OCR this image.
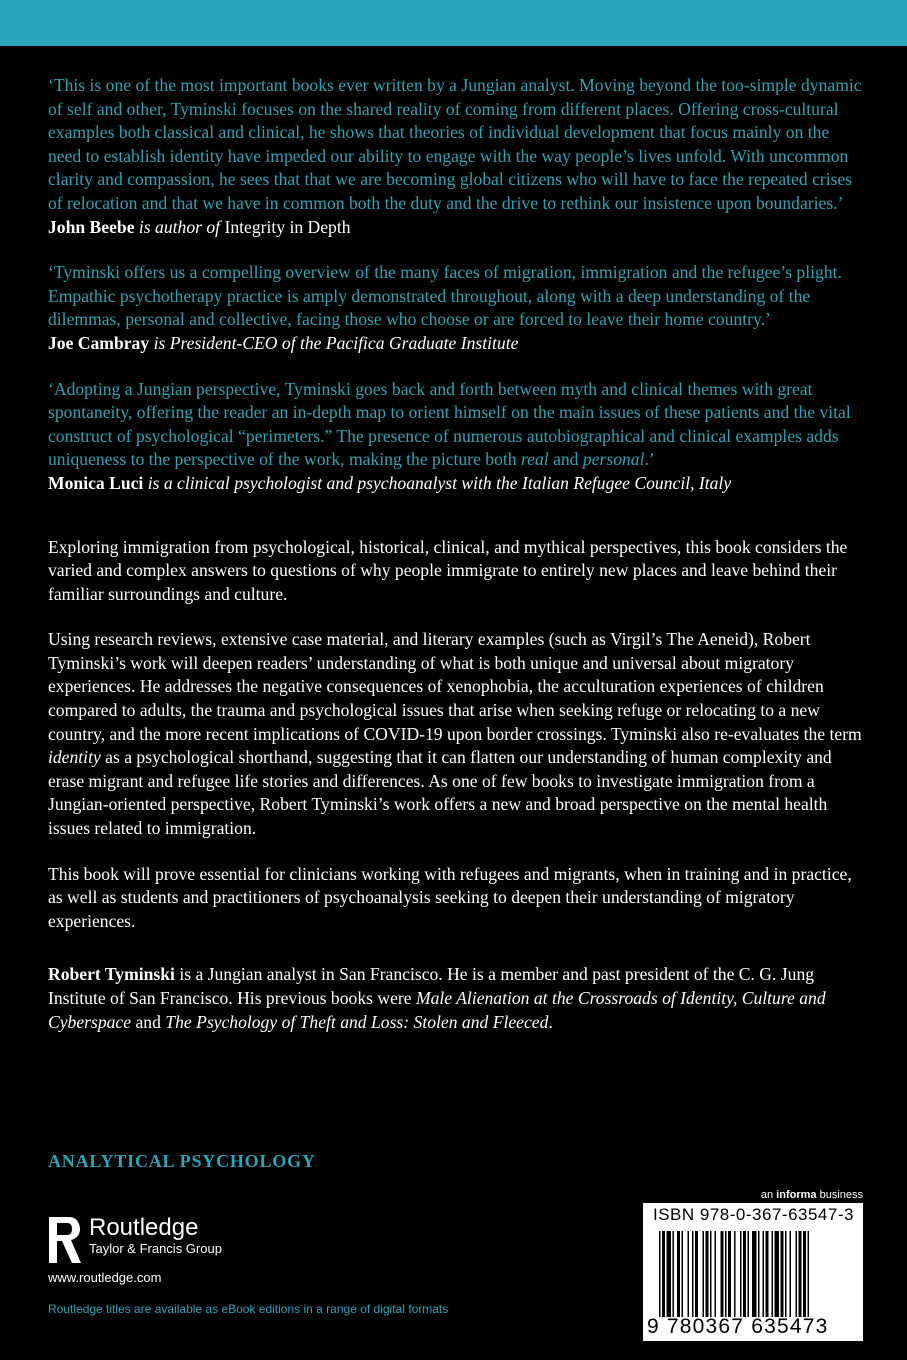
‘This is one of the most important books ever written by a Jungian analyst. Moving beyond the too-simple dynamic of self and other, Tyminski focuses on the shared reality of coming from different places. Offering cross-cultural examples both classical and clinical, he shows that theories of individual development that focus mainly on the need to establish identity have impeded our ability to engage with the way people’s lives unfold. With uncommon clarity and compassion, he sees that that we are becoming global citizens who will have to face the repeated crises of relocation and that we have in common both the duty and the drive to rethink our insistence upon boundaries.’

John Beebe is author of Integrity in Depth

‘Tyminski offers us a compelling overview of the many faces of migration, immigration and the refugee’s plight. Empathic psychotherapy practice is amply demonstrated throughout, along with a deep understanding of the dilemmas, personal and collective, facing those who choose or are forced to leave their home country.’

Joe Cambray is President-CEO of the Pacifica Graduate Institute

‘Adopting a Jungian perspective, Tyminski goes back and forth between myth and clinical themes with great spontaneity, offering the reader an in-depth map to orient himself on the main issues of these patients and the vital construct of psychological “perimeters.” The presence of numerous autobiographical and clinical examples adds uniqueness to the perspective of the work, making the picture both real and personal.’

Monica Luci is a clinical psychologist and psychoanalyst with the Italian Refugee Council, Italy

Exploring immigration from psychological, historical, clinical, and mythical perspectives, this book considers the varied and complex answers to questions of why people immigrate to entirely new places and leave behind their familiar surroundings and culture.

Using research reviews, extensive case material, and literary examples (such as Virgil’s The Aeneid), Robert Tyminski’s work will deepen readers’ understanding of what is both unique and universal about migratory experiences. He addresses the negative consequences of xenophobia, the acculturation experiences of children compared to adults, the trauma and psychological issues that arise when seeking refuge or relocating to a new country, and the more recent implications of COVID-19 upon border crossings. Tyminski also re-evaluates the term identity as a psychological shorthand, suggesting that it can flatten our understanding of human complexity and erase migrant and refugee life stories and differences. As one of few books to investigate immigration from a Jungian-oriented perspective, Robert Tyminski’s work offers a new and broad perspective on the mental health issues related to immigration.

This book will prove essential for clinicians working with refugees and migrants, when in training and in practice, as well as students and practitioners of psychoanalysis seeking to deepen their understanding of migratory experiences.

Robert Tyminski is a Jungian analyst in San Francisco. He is a member and past president of the C. G. Jung Institute of San Francisco. His previous books were Male Alienation at the Crossroads of Identity, Culture and Cyberspace and The Psychology of Theft and Loss: Stolen and Fleeced.

ANALYTICAL PSYCHOLOGY
Routledge
Taylor & Francis Group
www.routledge.com
Routledge titles are available as eBook editions in a range of digital formats
an informa business
ISBN 978-0-367-63547-3
9 780367 635473
